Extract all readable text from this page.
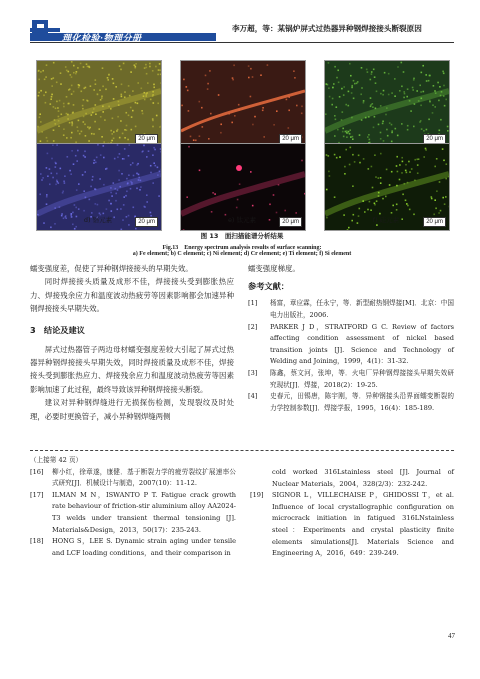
理化检验·物理分册
李万超，等：某锅炉屏式过热器异种钢焊接接头断裂原因
20 μm	20 μm	20 μm
20 μm
d) 铬元素	20 μm
e) 钛元素	20 μm
f) 硅元素
图 13　面扫描能谱分析结果
Fig.13　Energy spectrum analysis results of surface scanning:
a) Fe element; b) C element; c) Ni element; d) Cr element; e) Ti element; f) Si element

蠕变强度差，促使了异种钢焊接接头的早期失效。

同时焊接接头质量及成形不佳，焊接接头受到膨胀热应力、焊接残余应力和温度波动热疲劳等因素影响都会加速异种钢焊接接头早期失效。

3　结论及建议

屏式过热器管子两边母材蠕变强度差较大引起了屏式过热器异种钢焊接接头早期失效，同时焊接质量及成形不佳，焊接接头受到膨胀热应力、焊接残余应力和温度波动热疲劳等因素影响加速了此过程，最终导致该异种钢焊接接头断裂。

建议对异种钢焊缝进行无损探伤检测，发现裂纹及时处理，必要时更换管子，减小异种钢焊缝两侧

蠕变强度梯度。

参考文献：

[1]	杨富，章应霖，任永宁，等．新型耐热钢焊接[M]．北京：中国电力出版社，2006.
[2]	PARKER J D，STRATFORD G C. Review of factors affecting condition assessment of nickel based transition joints [J]. Science and Technology of Welding and Joining，1999，4(1)：31-32.
[3]	陈鑫，蔡文河，张坤，等．火电厂异种钢焊接接头早期失效研究现状[J]．焊接，2018(2)：19-25.
[4]	史春元，田锡唐，陈宇刚，等．异种钢接头沿界面蠕变断裂的力学控制参数[J]．焊接学报，1995，16(4)：185-189.

（上接第 42 页）

[16]	柳小红，徐章遂，康健．基于断裂力学的疲劳裂纹扩展速率公式研究[J]．机械设计与制造，2007(10)：11-12.
[17]	ILMAN M N，ISWANTO P T. Fatigue crack growth rate behaviour of friction-stir aluminium alloy AA2024-T3 welds under transient thermal tensioning [J]. Materials&Design，2013，50(17)：235-243.
[18]	HONG S，LEE S. Dynamic strain aging under tensile and LCF loading conditions，and their comparison in
cold worked 316Lstainless steel [J]. Journal of Nuclear Materials，2004，328(2/3)：232-242.
[19]	SIGNOR L，VILLECHAISE P，GHIDOSSI T，et al. Influence of local crystallographic configuration on microcrack initiation in fatigued 316LNstainless steel：Experiments and crystal plasticity finite elements simulations[J]. Materials Science and Engineering A，2016，649：239-249.
47
